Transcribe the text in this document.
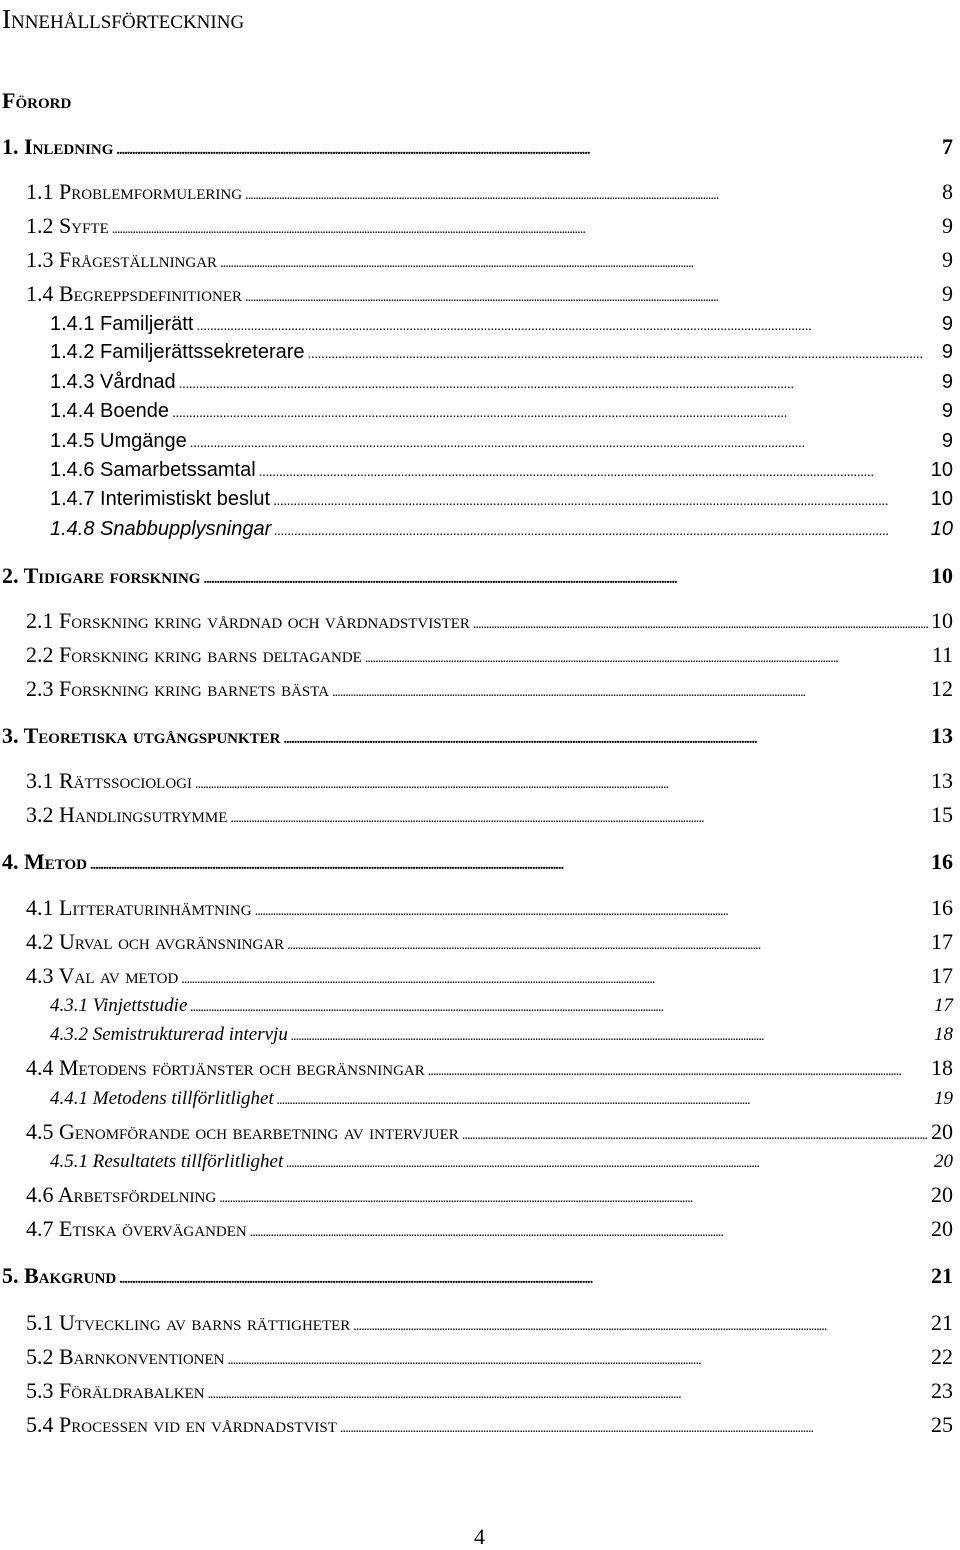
Innehållsförteckning
Förord
1. Inledning . . .	7
1.1 Problemformulering . . .	8
1.2 Syfte . . .	9
1.3 Frågeställningar . . .	9
1.4 Begreppsdefinitioner . . .	9
1.4.1 Familjerätt . . .	9
1.4.2 Familjerättssekreterare . . .	9
1.4.3 Vårdnad . . .	9
1.4.4 Boende . . .	9
1.4.5 Umgänge . . .	9
1.4.6 Samarbetssamtal . . .	10
1.4.7 Interimistiskt beslut . . .	10
1.4.8 Snabbupplysningar . . .	10
2. Tidigare forskning . . .	10
2.1 Forskning kring vårdnad och vårdnadstvister . . .	10
2.2 Forskning kring barns deltagande . . .	11
2.3 Forskning kring barnets bästa . . .	12
3. Teoretiska utgångspunkter . . .	13
3.1 Rättssociologi . . .	13
3.2 Handlingsutrymme . . .	15
4. Metod . . .	16
4.1 Litteraturinhämtning . . .	16
4.2 Urval och avgränsningar . . .	17
4.3 Val av metod . . .	17
4.3.1 Vinjettstudie . . .	17
4.3.2 Semistrukturerad intervju . . .	18
4.4 Metodens förtjänster och begränsningar . . .	18
4.4.1 Metodens tillförlitlighet . . .	19
4.5 Genomförande och bearbetning av intervjuer . . .	20
4.5.1 Resultatets tillförlitlighet . . .	20
4.6 Arbetsfördelning . . .	20
4.7 Etiska överväganden . . .	20
5. Bakgrund . . .	21
5.1 Utveckling av barns rättigheter . . .	21
5.2 Barnkonventionen . . .	22
5.3 Föräldrabalken . . .	23
5.4 Processen vid en vårdnadstvist . . .	25
4
